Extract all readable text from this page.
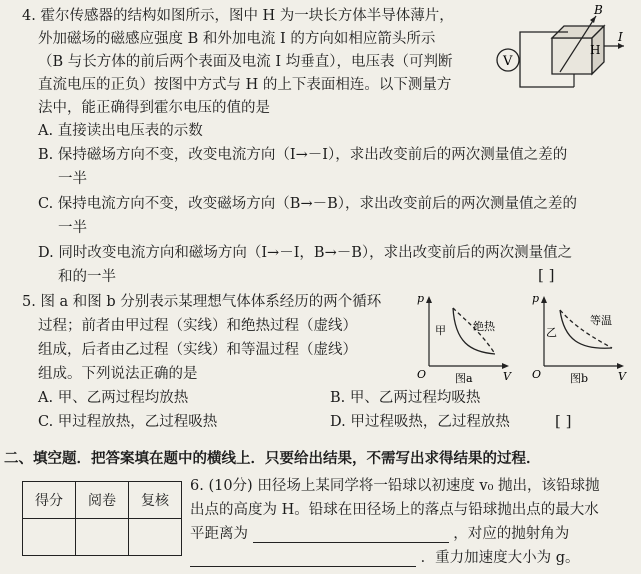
4. 霍尔传感器的结构如图所示，图中 H 为一块长方体半导体薄片，
外加磁场的磁感应强度 B 和外加电流 I 的方向如相应箭头所示
（B 与长方体的前后两个表面及电流 I 均垂直），电压表（可判断
直流电压的正负）按图中方式与 H 的上下表面相连。以下测量方
法中，能正确得到霍尔电压的值的是
A. 直接读出电压表的示数
B. 保持磁场方向不变，改变电流方向（I→－I），求出改变前后的两次测量值之差的
一半
C. 保持电流方向不变，改变磁场方向（B→－B），求出改变前后的两次测量值之差的
一半
D. 同时改变电流方向和磁场方向（I→－I，B→－B），求出改变前后的两次测量值之
和的一半	[ ]
V
H
B
I
5. 图 a 和图 b 分别表示某理想气体体系经历的两个循环
过程；前者由甲过程（实线）和绝热过程（虚线）
组成，后者由乙过程（实线）和等温过程（虚线）
组成。下列说法正确的是
A. 甲、乙两过程均放热	B. 甲、乙两过程均吸热
C. 甲过程放热，乙过程吸热	D. 甲过程吸热，乙过程放热	[ ]
p
V
O
甲 绝热
图a
p
V
O
乙
等温
图b
二、填空题．把答案填在题中的横线上．只要给出结果，不需写出求得结果的过程．
得分	阅卷	复核

6. (10分) 田径场上某同学将一铅球以初速度 v₀ 抛出，该铅球抛
出点的高度为 H。铅球在田径场上的落点与铅球抛出点的最大水
平距离为	，对应的抛射角为
．重力加速度大小为 g。
